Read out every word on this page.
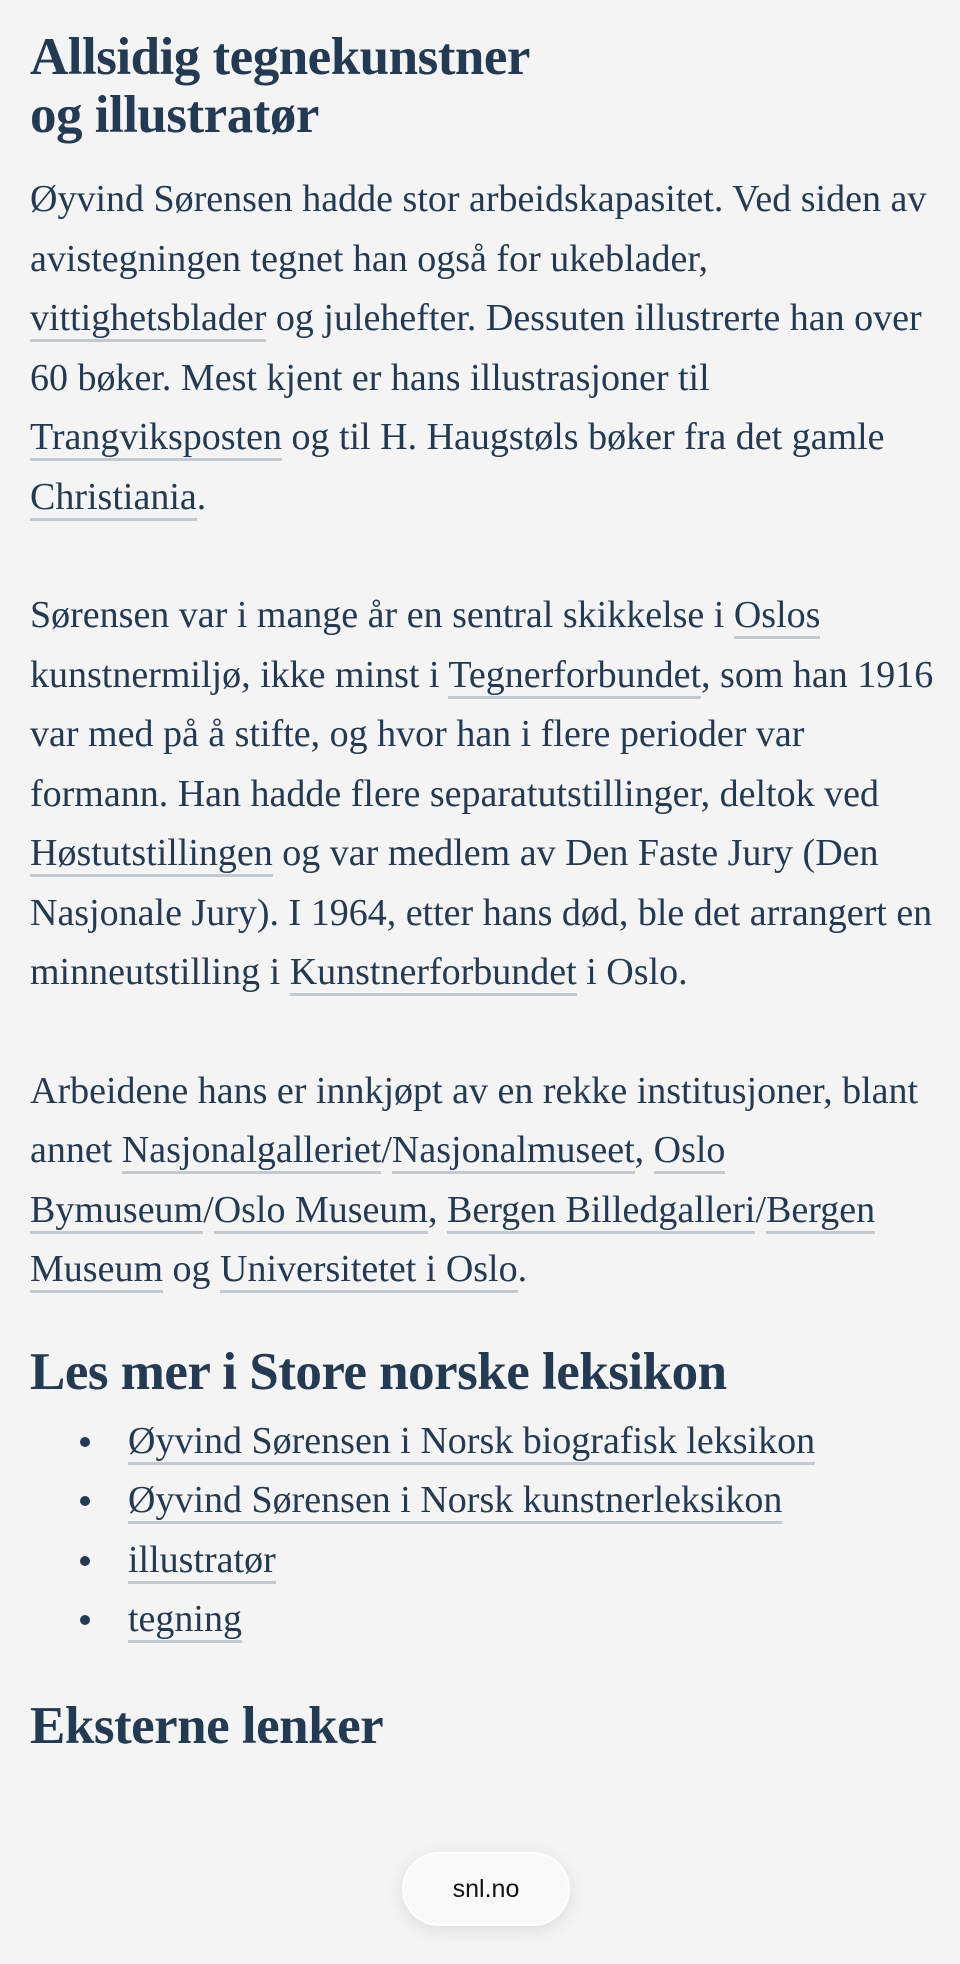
Allsidig tegnekunstner
og illustratør

Øyvind Sørensen hadde stor arbeidskapasitet. Ved siden av avistegningen tegnet han også for ukeblader, vittighetsblader og julehefter. Dessuten illustrerte han over 60 bøker. Mest kjent er hans illustrasjoner til Trangviksposten og til H. Haugstøls bøker fra det gamle Christiania.

Sørensen var i mange år en sentral skikkelse i Oslos kunstnermiljø, ikke minst i Tegnerforbundet, som han 1916 var med på å stifte, og hvor han i flere perioder var formann. Han hadde flere separatutstillinger, deltok ved Høstutstillingen og var medlem av Den Faste Jury (Den Nasjonale Jury). I 1964, etter hans død, ble det arrangert en minneutstilling i Kunstnerforbundet i Oslo.

Arbeidene hans er innkjøpt av en rekke institusjoner, blant annet Nasjonalgalleriet/Nasjonalmuseet, Oslo Bymuseum/Oslo Museum, Bergen Billedgalleri/Bergen Museum og Universitetet i Oslo.

Les mer i Store norske leksikon
Øyvind Sørensen i Norsk biografisk leksikon
Øyvind Sørensen i Norsk kunstnerleksikon
illustratør
tegning
Eksterne lenker
snl.no
